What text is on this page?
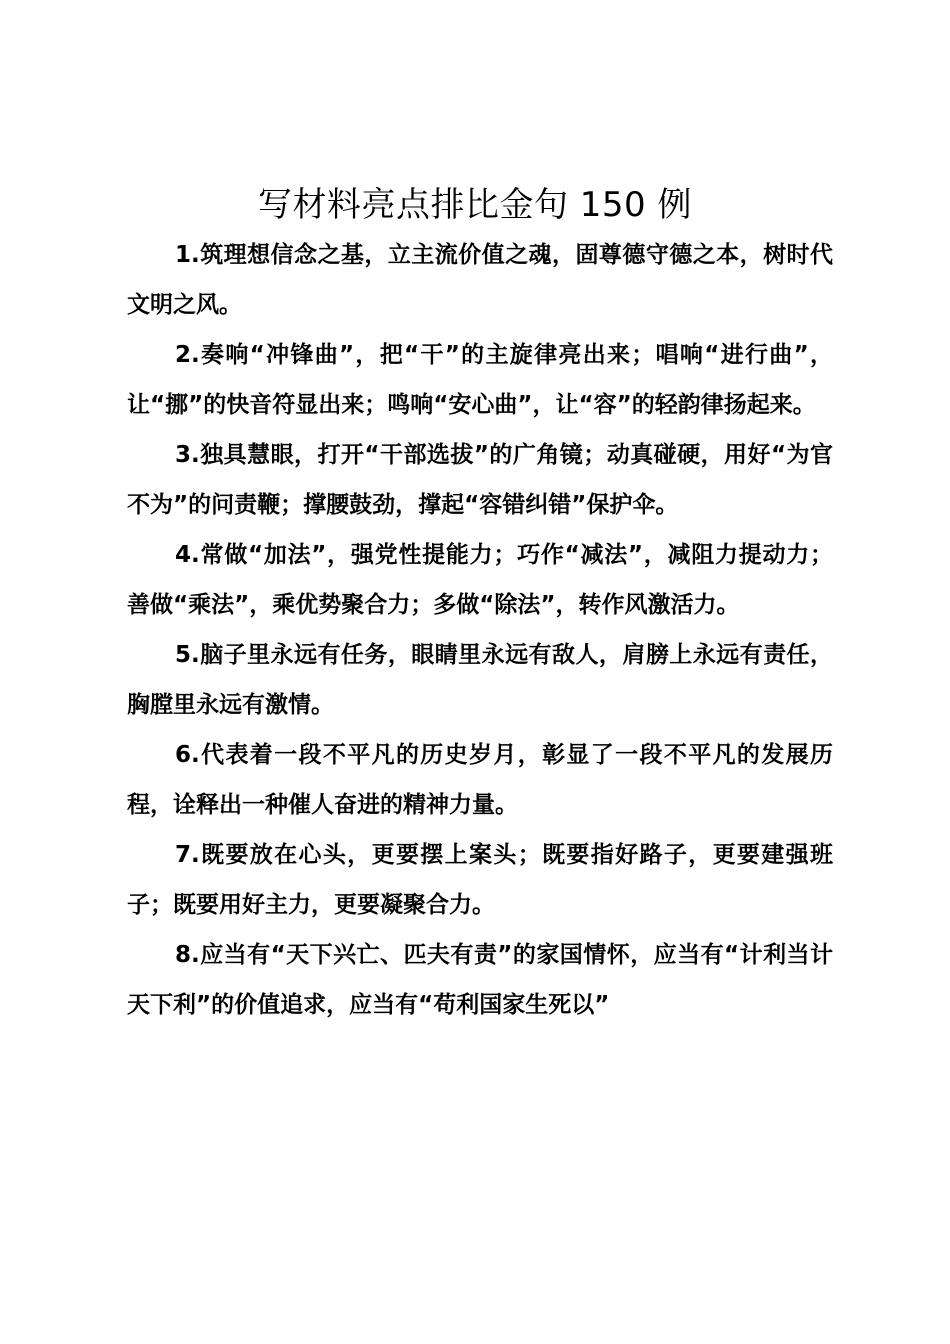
写材料亮点排比金句 150 例

1.筑理想信念之基，立主流价值之魂，固尊德守德之本，树时代文明之风。

2.奏响“冲锋曲”，把“干”的主旋律亮出来；唱响“进行曲”，让“挪”的快音符显出来；鸣响“安心曲”，让“容”的轻韵律扬起来。

3.独具慧眼，打开“干部选拔”的广角镜；动真碰硬，用好“为官不为”的问责鞭；撑腰鼓劲，撑起“容错纠错”保护伞。

4.常做“加法”，强党性提能力；巧作“减法”，减阻力提动力；善做“乘法”，乘优势聚合力；多做“除法”，转作风激活力。

5.脑子里永远有任务，眼睛里永远有敌人，肩膀上永远有责任，胸膛里永远有激情。

6.代表着一段不平凡的历史岁月，彰显了一段不平凡的发展历程，诠释出一种催人奋进的精神力量。

7.既要放在心头，更要摆上案头；既要指好路子，更要建强班子；既要用好主力，更要凝聚合力。

8.应当有“天下兴亡、匹夫有责”的家国情怀，应当有“计利当计天下利”的价值追求，应当有“苟利国家生死以”
